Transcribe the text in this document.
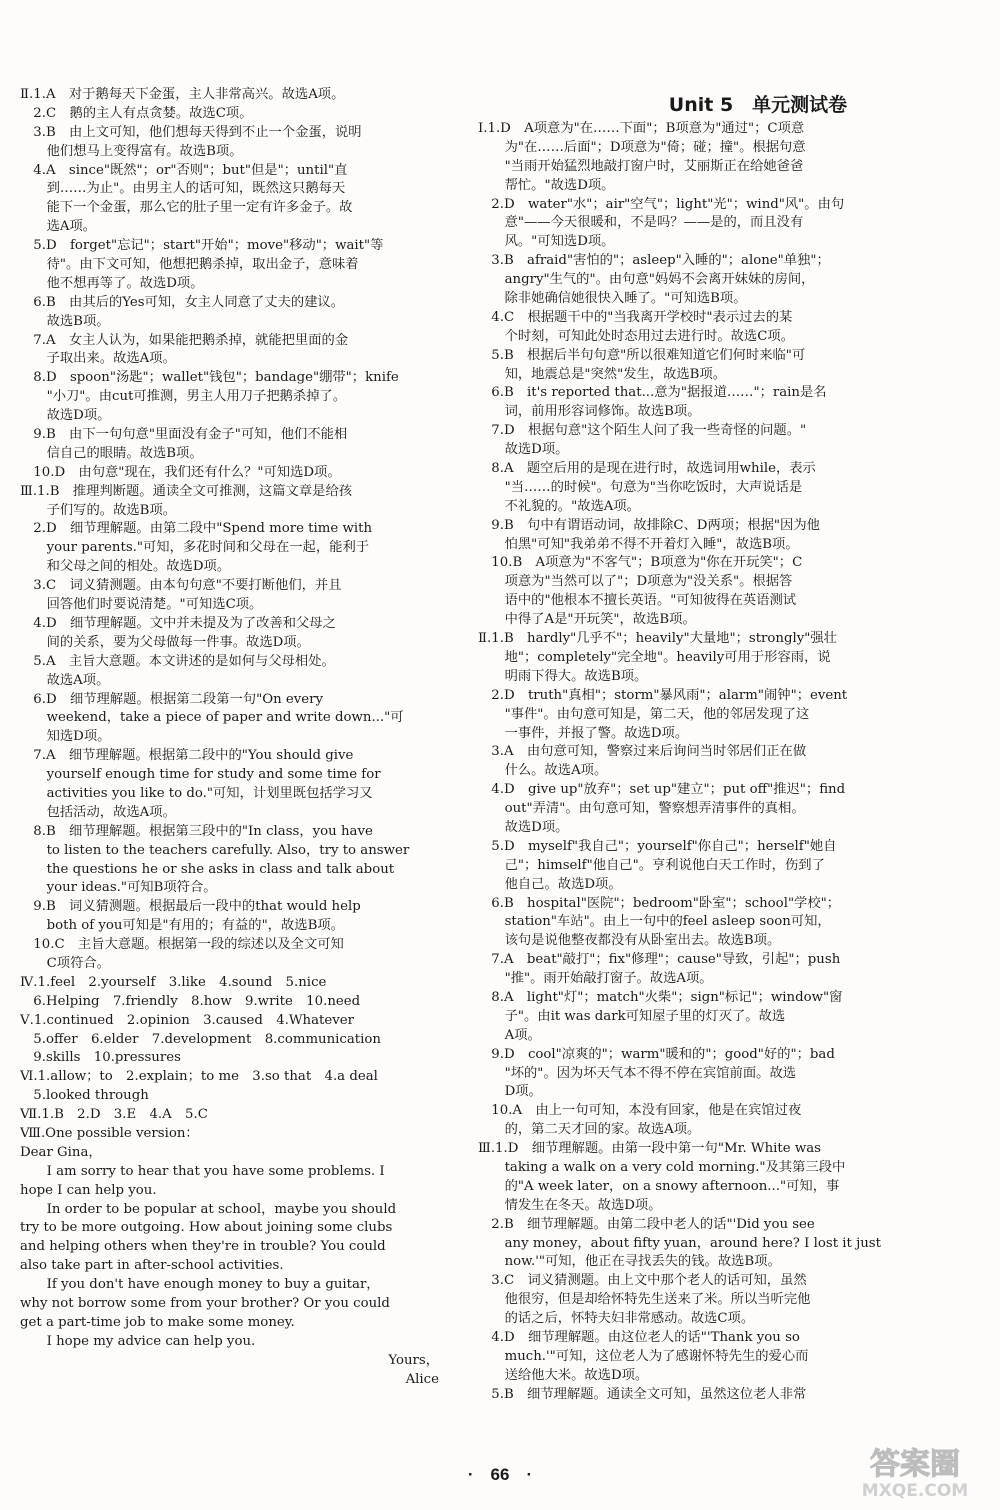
Ⅱ.1.A　对于鹅每天下金蛋，主人非常高兴。故选A项。
　2.C　鹅的主人有点贪婪。故选C项。
　3.B　由上文可知，他们想每天得到不止一个金蛋，说明
　　他们想马上变得富有。故选B项。
　4.A　since"既然"；or"否则"；but"但是"；until"直
　　到……为止"。由男主人的话可知，既然这只鹅每天
　　能下一个金蛋，那么它的肚子里一定有许多金子。故
　　选A项。
　5.D　forget"忘记"；start"开始"；move"移动"；wait"等
　　待"。由下文可知，他想把鹅杀掉，取出金子，意味着
　　他不想再等了。故选D项。
　6.B　由其后的Yes可知，女主人同意了丈夫的建议。
　　故选B项。
　7.A　女主人认为，如果能把鹅杀掉，就能把里面的金
　　子取出来。故选A项。
　8.D　spoon"汤匙"；wallet"钱包"；bandage"绷带"；knife
　　"小刀"。由cut可推测，男主人用刀子把鹅杀掉了。
　　故选D项。
　9.B　由下一句句意"里面没有金子"可知，他们不能相
　　信自己的眼睛。故选B项。
　10.D　由句意"现在，我们还有什么？"可知选D项。
Ⅲ.1.B　推理判断题。通读全文可推测，这篇文章是给孩
　　子们写的。故选B项。
　2.D　细节理解题。由第二段中"Spend more time with
　　your parents."可知，多花时间和父母在一起，能利于
　　和父母之间的相处。故选D项。
　3.C　词义猜测题。由本句句意"不要打断他们，并且
　　回答他们时要说清楚。"可知选C项。
　4.D　细节理解题。文中并未提及为了改善和父母之
　　间的关系，要为父母做每一件事。故选D项。
　5.A　主旨大意题。本文讲述的是如何与父母相处。
　　故选A项。
　6.D　细节理解题。根据第二段第一句"On every
　　weekend，take a piece of paper and write down..."可
　　知选D项。
　7.A　细节理解题。根据第二段中的"You should give
　　yourself enough time for study and some time for
　　activities you like to do."可知，计划里既包括学习又
　　包括活动，故选A项。
　8.B　细节理解题。根据第三段中的"In class，you have
　　to listen to the teachers carefully. Also，try to answer
　　the questions he or she asks in class and talk about
　　your ideas."可知B项符合。
　9.B　词义猜测题。根据最后一段中的that would help
　　both of you可知是"有用的；有益的"，故选B项。
　10.C　主旨大意题。根据第一段的综述以及全文可知
　　C项符合。
Ⅳ.1.feel　2.yourself　3.like　4.sound　5.nice
　6.Helping　7.friendly　8.how　9.write　10.need
Ⅴ.1.continued　2.opinion　3.caused　4.Whatever
　5.offer　6.elder　7.development　8.communication
　9.skills　10.pressures
Ⅵ.1.allow；to　2.explain；to me　3.so that　4.a deal
　5.looked through
Ⅶ.1.B　2.D　3.E　4.A　5.C
Ⅷ.One possible version：
Dear Gina，
　　I am sorry to hear that you have some problems. I
hope I can help you.
　　In order to be popular at school，maybe you should
try to be more outgoing. How about joining some clubs
and helping others when they're in trouble? You could
also take part in after-school activities.
　　If you don't have enough money to buy a guitar，
why not borrow some from your brother? Or you could
get a part-time job to make some money.
　　I hope my advice can help you.
Yours，
Alice
Unit 5　单元测试卷
Ⅰ.1.D　A项意为"在……下面"；B项意为"通过"；C项意
　　为"在……后面"；D项意为"倚；碰；撞"。根据句意
　　"当雨开始猛烈地敲打窗户时，艾丽斯正在给她爸爸
　　帮忙。"故选D项。
　2.D　water"水"；air"空气"；light"光"；wind"风"。由句
　　意"——今天很暖和，不是吗？——是的，而且没有
　　风。"可知选D项。
　3.B　afraid"害怕的"；asleep"入睡的"；alone"单独"；
　　angry"生气的"。由句意"妈妈不会离开妹妹的房间，
　　除非她确信她很快入睡了。"可知选B项。
　4.C　根据题干中的"当我离开学校时"表示过去的某
　　个时刻，可知此处时态用过去进行时。故选C项。
　5.B　根据后半句句意"所以很难知道它们何时来临"可
　　知，地震总是"突然"发生，故选B项。
　6.B　it's reported that...意为"据报道……"；rain是名
　　词，前用形容词修饰。故选B项。
　7.D　根据句意"这个陌生人问了我一些奇怪的问题。"
　　故选D项。
　8.A　题空后用的是现在进行时，故选词用while，表示
　　"当……的时候"。句意为"当你吃饭时，大声说话是
　　不礼貌的。"故选A项。
　9.B　句中有谓语动词，故排除C、D两项；根据"因为他
　　怕黑"可知"我弟弟不得不开着灯入睡"，故选B项。
　10.B　A项意为"不客气"；B项意为"你在开玩笑"；C
　　项意为"当然可以了"；D项意为"没关系"。根据答
　　语中的"他根本不擅长英语。"可知彼得在英语测试
　　中得了A是"开玩笑"，故选B项。
Ⅱ.1.B　hardly"几乎不"；heavily"大量地"；strongly"强壮
　　地"；completely"完全地"。heavily可用于形容雨，说
　　明雨下得大。故选B项。
　2.D　truth"真相"；storm"暴风雨"；alarm"闹钟"；event
　　"事件"。由句意可知是，第二天，他的邻居发现了这
　　一事件，并报了警。故选D项。
　3.A　由句意可知，警察过来后询问当时邻居们正在做
　　什么。故选A项。
　4.D　give up"放弃"；set up"建立"；put off"推迟"；find
　　out"弄清"。由句意可知，警察想弄清事件的真相。
　　故选D项。
　5.D　myself"我自己"；yourself"你自己"；herself"她自
　　己"；himself"他自己"。亨利说他白天工作时，伤到了
　　他自己。故选D项。
　6.B　hospital"医院"；bedroom"卧室"；school"学校"；
　　station"车站"。由上一句中的feel asleep soon可知，
　　该句是说他整夜都没有从卧室出去。故选B项。
　7.A　beat"敲打"；fix"修理"；cause"导致，引起"；push
　　"推"。雨开始敲打窗子。故选A项。
　8.A　light"灯"；match"火柴"；sign"标记"；window"窗
　　子"。由it was dark可知屋子里的灯灭了。故选
　　A项。
　9.D　cool"凉爽的"；warm"暖和的"；good"好的"；bad
　　"坏的"。因为坏天气本不得不停在宾馆前面。故选
　　D项。
　10.A　由上一句可知，本没有回家，他是在宾馆过夜
　　的，第二天才回的家。故选A项。
Ⅲ.1.D　细节理解题。由第一段中第一句"Mr. White was
　　taking a walk on a very cold morning."及其第三段中
　　的"A week later，on a snowy afternoon..."可知，事
　　情发生在冬天。故选D项。
　2.B　细节理解题。由第二段中老人的话"'Did you see
　　any money，about fifty yuan，around here? I lost it just
　　now.'"可知，他正在寻找丢失的钱。故选B项。
　3.C　词义猜测题。由上文中那个老人的话可知，虽然
　　他很穷，但是却给怀特先生送来了米。所以当听完他
　　的话之后，怀特夫妇非常感动。故选C项。
　4.D　细节理解题。由这位老人的话"'Thank you so
　　much.'"可知，这位老人为了感谢怀特先生的爱心而
　　送给他大米。故选D项。
　5.B　细节理解题。通读全文可知，虽然这位老人非常
·　66　·	答案圈
MXQE.COM
